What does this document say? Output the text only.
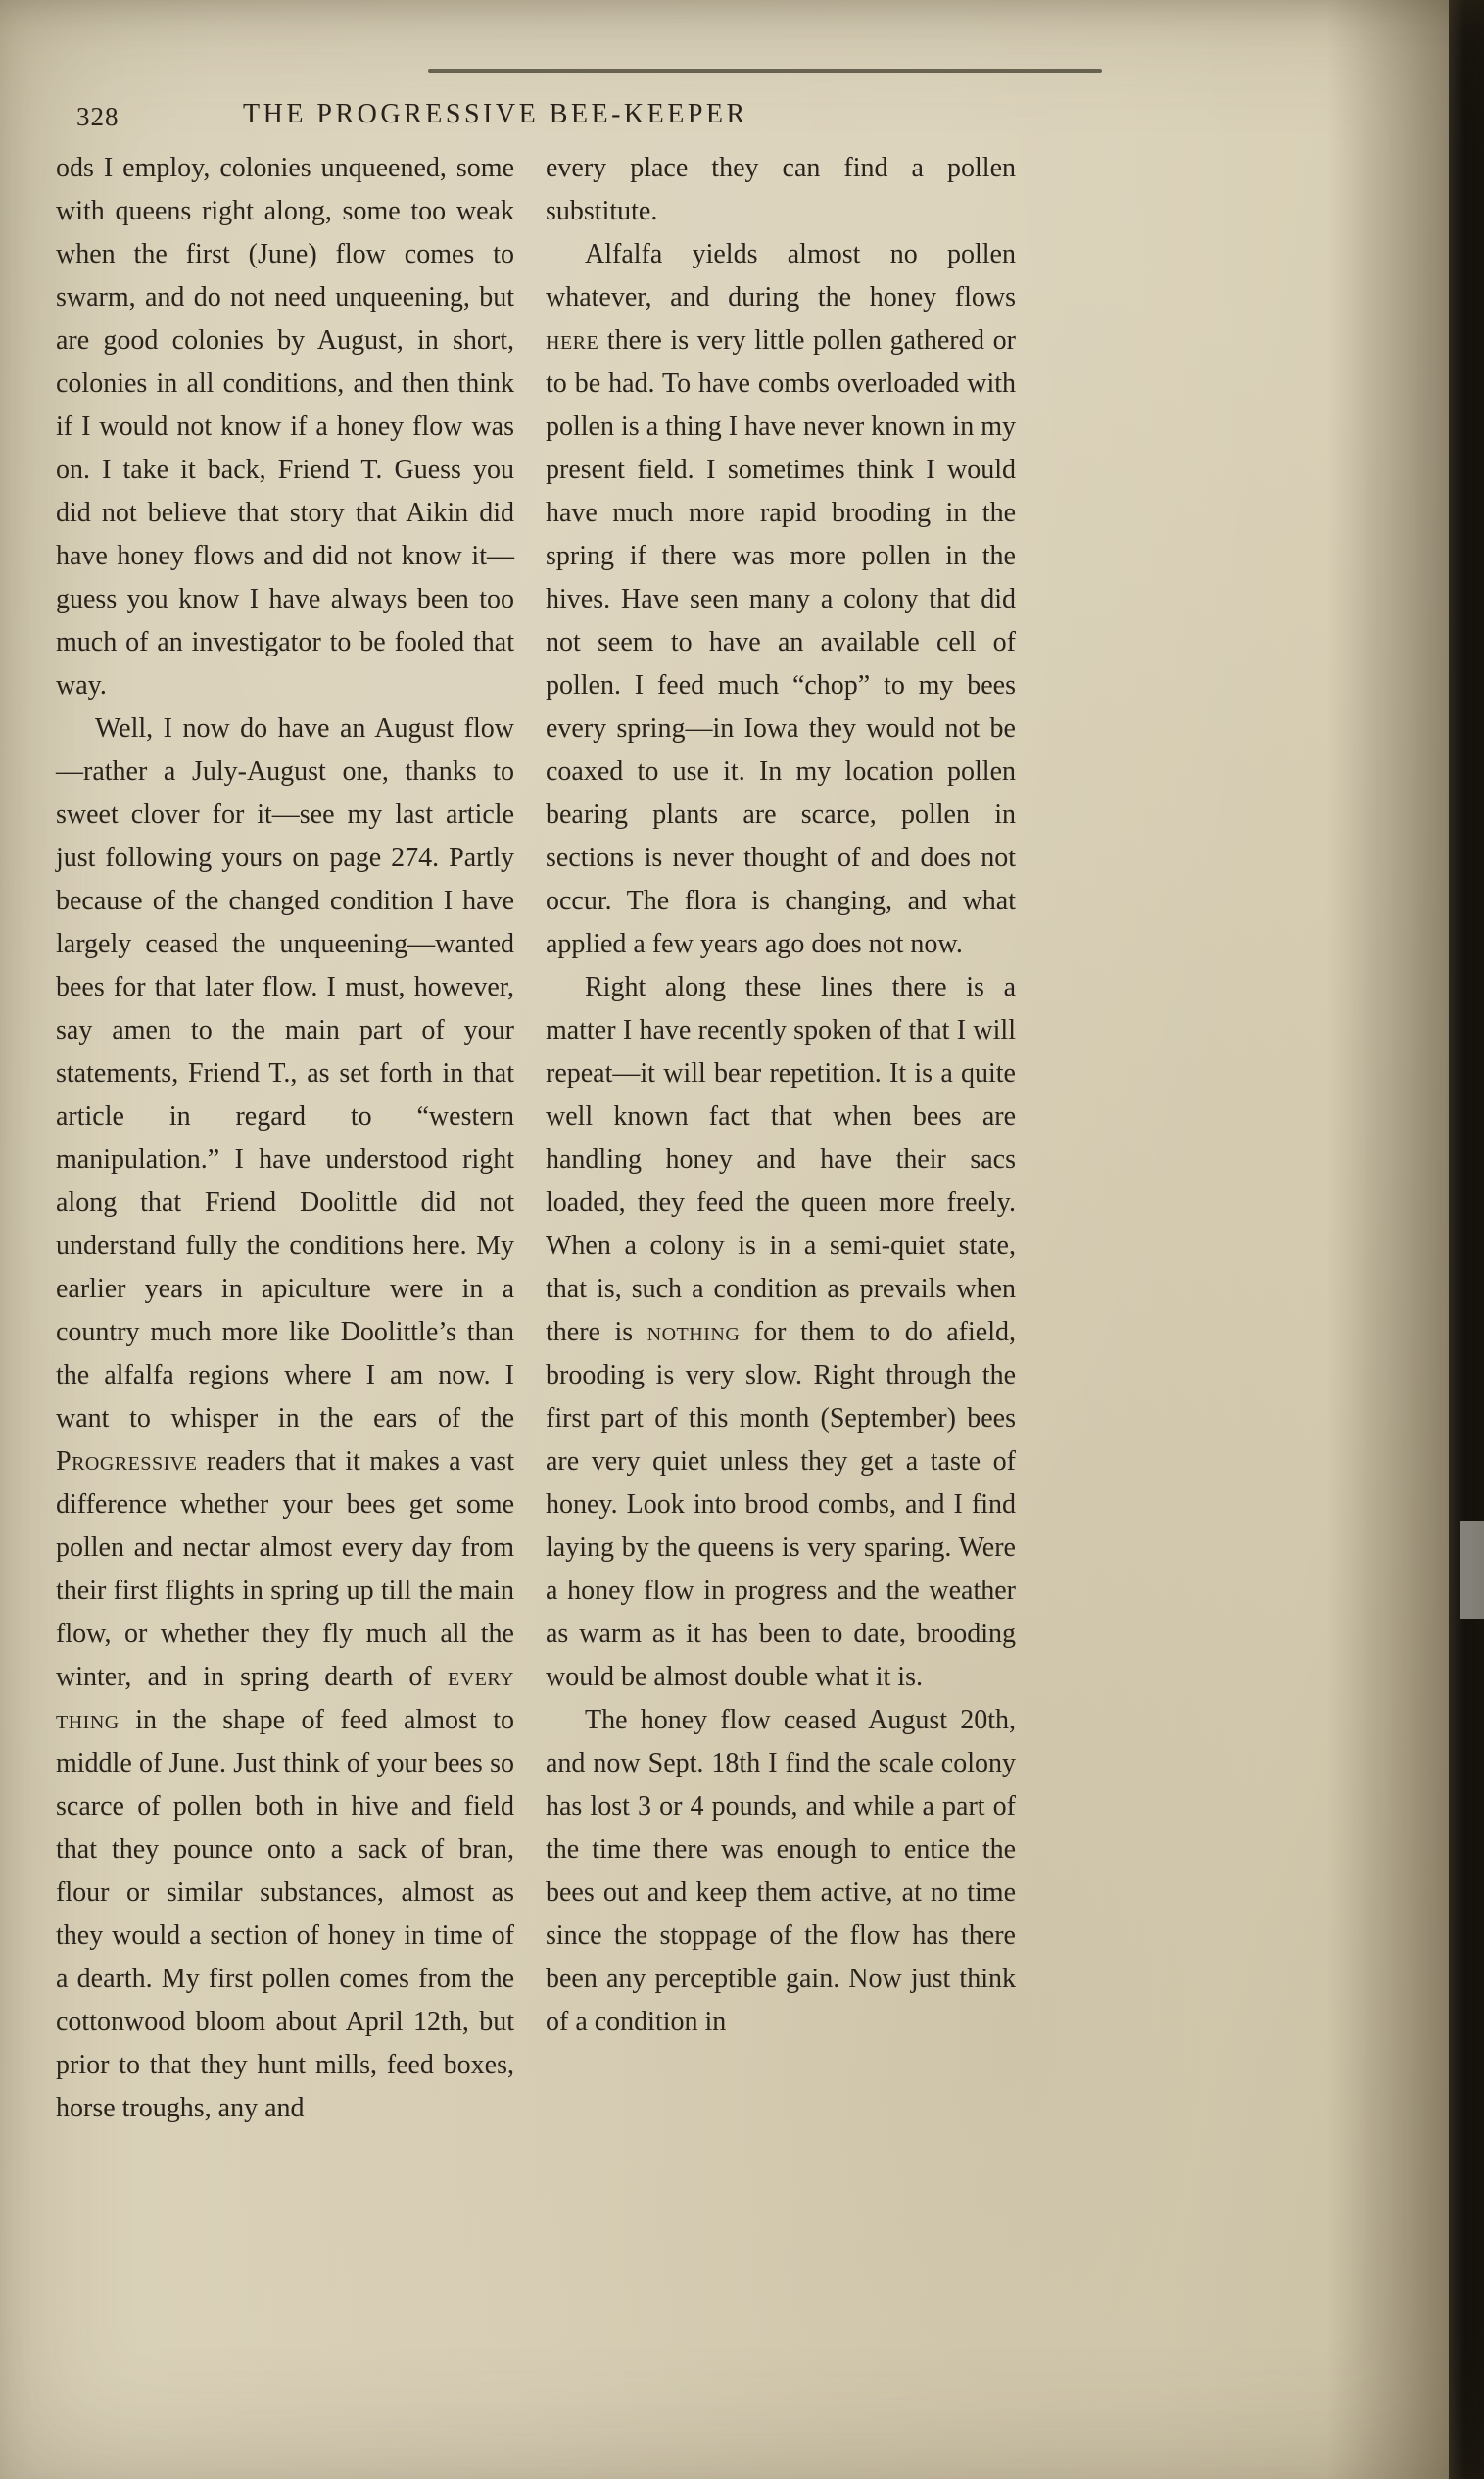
328	THE PROGRESSIVE BEE-KEEPER

ods I employ, colonies unqueened, some with queens right along, some too weak when the first (June) flow comes to swarm, and do not need unqueening, but are good colonies by August, in short, colonies in all conditions, and then think if I would not know if a honey flow was on. I take it back, Friend T. Guess you did not believe that story that Aikin did have honey flows and did not know it—guess you know I have always been too much of an investigator to be fooled that way.

Well, I now do have an August flow—rather a July-August one, thanks to sweet clover for it—see my last article just following yours on page 274. Partly because of the changed condition I have largely ceased the unqueening—wanted bees for that later flow. I must, however, say amen to the main part of your statements, Friend T., as set forth in that article in regard to “western manipulation.” I have understood right along that Friend Doolittle did not understand fully the conditions here. My earlier years in apiculture were in a country much more like Doolittle’s than the alfalfa regions where I am now. I want to whisper in the ears of the Progressive readers that it makes a vast difference whether your bees get some pollen and nectar almost every day from their first flights in spring up till the main flow, or whether they fly much all the winter, and in spring dearth of every thing in the shape of feed almost to middle of June. Just think of your bees so scarce of pollen both in hive and field that they pounce onto a sack of bran, flour or similar substances, almost as they would a section of honey in time of a dearth. My first pollen comes from the cottonwood bloom about April 12th, but prior to that they hunt mills, feed boxes, horse troughs, any and

every place they can find a pollen substitute.

Alfalfa yields almost no pollen whatever, and during the honey flows here there is very little pollen gathered or to be had. To have combs overloaded with pollen is a thing I have never known in my present field. I sometimes think I would have much more rapid brooding in the spring if there was more pollen in the hives. Have seen many a colony that did not seem to have an available cell of pollen. I feed much “chop” to my bees every spring—in Iowa they would not be coaxed to use it. In my location pollen bearing plants are scarce, pollen in sections is never thought of and does not occur. The flora is changing, and what applied a few years ago does not now.

Right along these lines there is a matter I have recently spoken of that I will repeat—it will bear repetition. It is a quite well known fact that when bees are handling honey and have their sacs loaded, they feed the queen more freely. When a colony is in a semi-quiet state, that is, such a condition as prevails when there is nothing for them to do afield, brooding is very slow. Right through the first part of this month (September) bees are very quiet unless they get a taste of honey. Look into brood combs, and I find laying by the queens is very sparing. Were a honey flow in progress and the weather as warm as it has been to date, brooding would be almost double what it is.

The honey flow ceased August 20th, and now Sept. 18th I find the scale colony has lost 3 or 4 pounds, and while a part of the time there was enough to entice the bees out and keep them active, at no time since the stoppage of the flow has there been any perceptible gain. Now just think of a condition in
